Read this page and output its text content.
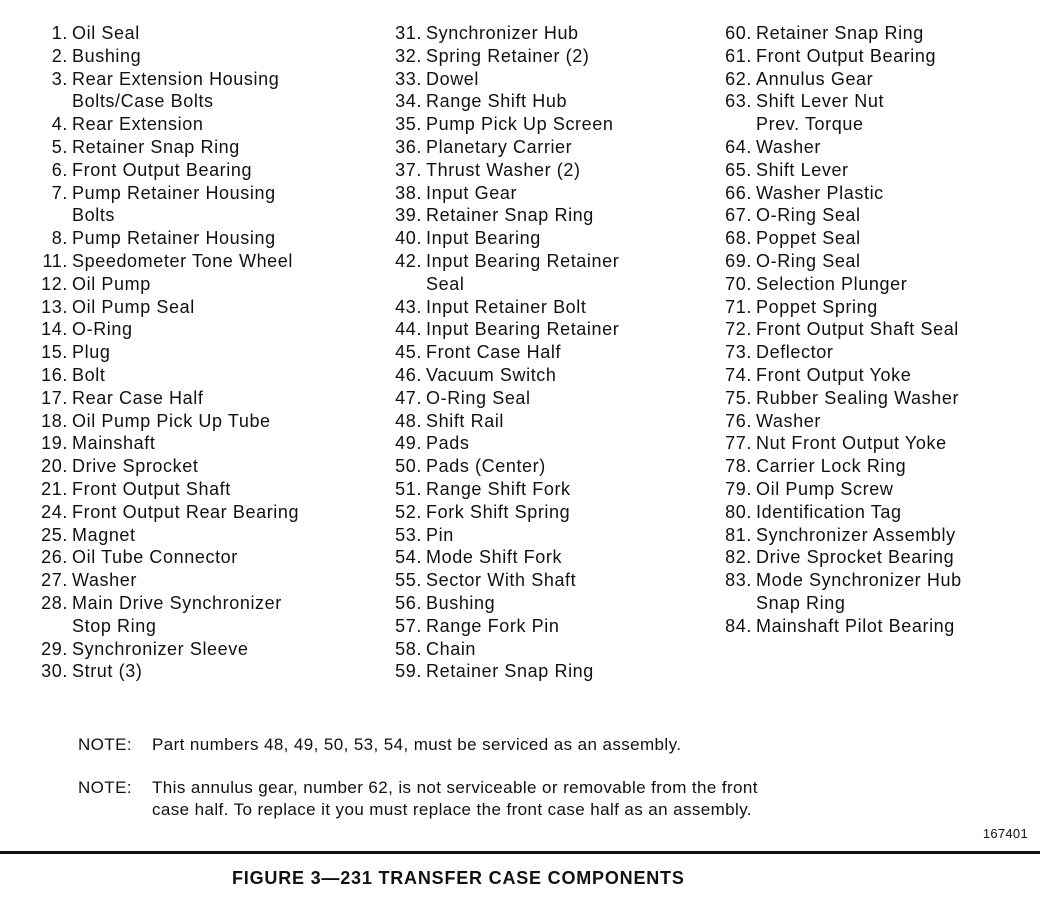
1. Oil Seal
2. Bushing
3. Rear Extension Housing
Bolts/Case Bolts
4. Rear Extension
5. Retainer Snap Ring
6. Front Output Bearing
7. Pump Retainer Housing
Bolts
8. Pump Retainer Housing
11. Speedometer Tone Wheel
12. Oil Pump
13. Oil Pump Seal
14. O-Ring
15. Plug
16. Bolt
17. Rear Case Half
18. Oil Pump Pick Up Tube
19. Mainshaft
20. Drive Sprocket
21. Front Output Shaft
24. Front Output Rear Bearing
25. Magnet
26. Oil Tube Connector
27. Washer
28. Main Drive Synchronizer
Stop Ring
29. Synchronizer Sleeve
30. Strut (3)
31. Synchronizer Hub
32. Spring Retainer (2)
33. Dowel
34. Range Shift Hub
35. Pump Pick Up Screen
36. Planetary Carrier
37. Thrust Washer (2)
38. Input Gear
39. Retainer Snap Ring
40. Input Bearing
42. Input Bearing Retainer
Seal
43. Input Retainer Bolt
44. Input Bearing Retainer
45. Front Case Half
46. Vacuum Switch
47. O-Ring Seal
48. Shift Rail
49. Pads
50. Pads (Center)
51. Range Shift Fork
52. Fork Shift Spring
53. Pin
54. Mode Shift Fork
55. Sector With Shaft
56. Bushing
57. Range Fork Pin
58. Chain
59. Retainer Snap Ring
60. Retainer Snap Ring
61. Front Output Bearing
62. Annulus Gear
63. Shift Lever Nut
Prev. Torque
64. Washer
65. Shift Lever
66. Washer Plastic
67. O-Ring Seal
68. Poppet Seal
69. O-Ring Seal
70. Selection Plunger
71. Poppet Spring
72. Front Output Shaft Seal
73. Deflector
74. Front Output Yoke
75. Rubber Sealing Washer
76. Washer
77. Nut Front Output Yoke
78. Carrier Lock Ring
79. Oil Pump Screw
80. Identification Tag
81. Synchronizer Assembly
82. Drive Sprocket Bearing
83. Mode Synchronizer Hub
Snap Ring
84. Mainshaft Pilot Bearing
NOTE: Part numbers 48, 49, 50, 53, 54, must be serviced as an assembly.
NOTE: This annulus gear, number 62, is not serviceable or removable from the front
case half. To replace it you must replace the front case half as an assembly.
167401
FIGURE 3—231 TRANSFER CASE COMPONENTS
